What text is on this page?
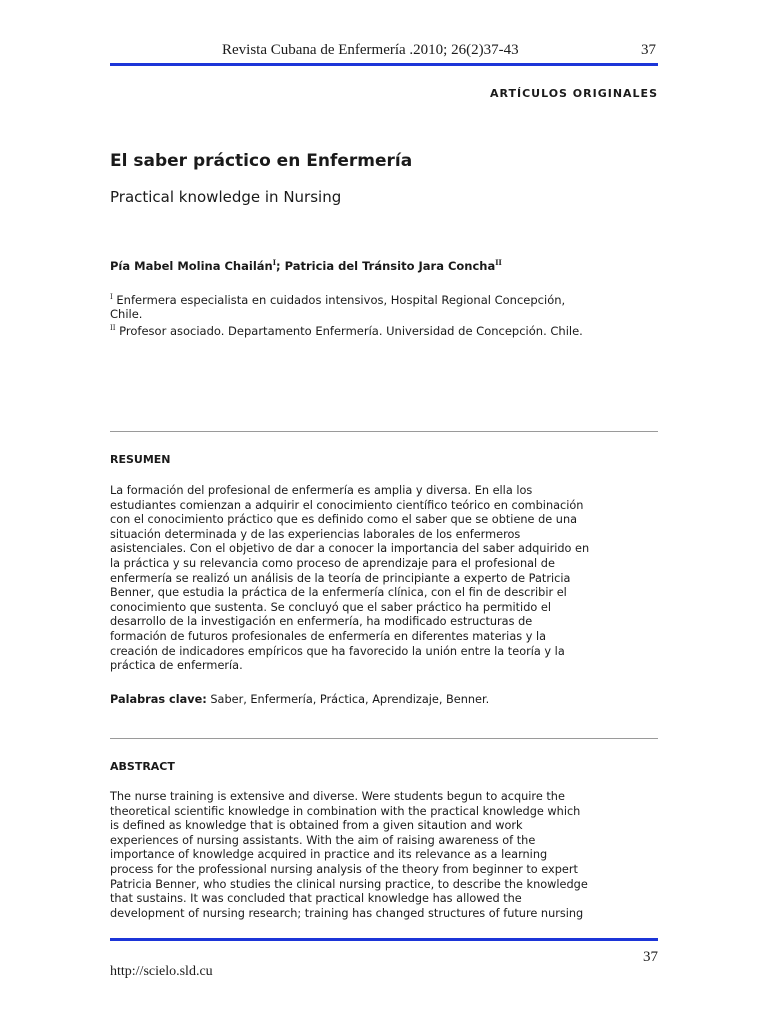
Revista Cubana de Enfermería .2010; 26(2)37-43	37
ARTÍCULOS ORIGINALES
El saber práctico en Enfermería
Practical knowledge in Nursing
Pía Mabel Molina Chailán$^I$; Patricia del Tránsito Jara Concha$^{II}$
$^I$ Enfermera especialista en cuidados intensivos, Hospital Regional Concepción,
Chile.
$^{II}$ Profesor asociado. Departamento Enfermería. Universidad de Concepción. Chile.
RESUMEN
La formación del profesional de enfermería es amplia y diversa. En ella los
estudiantes comienzan a adquirir el conocimiento científico teórico en combinación
con el conocimiento práctico que es definido como el saber que se obtiene de una
situación determinada y de las experiencias laborales de los enfermeros
asistenciales. Con el objetivo de dar a conocer la importancia del saber adquirido en
la práctica y su relevancia como proceso de aprendizaje para el profesional de
enfermería se realizó un análisis de la teoría de principiante a experto de Patricia
Benner, que estudia la práctica de la enfermería clínica, con el fin de describir el
conocimiento que sustenta. Se concluyó que el saber práctico ha permitido el
desarrollo de la investigación en enfermería, ha modificado estructuras de
formación de futuros profesionales de enfermería en diferentes materias y la
creación de indicadores empíricos que ha favorecido la unión entre la teoría y la
práctica de enfermería.
Palabras clave: Saber, Enfermería, Práctica, Aprendizaje, Benner.
ABSTRACT
The nurse training is extensive and diverse. Were students begun to acquire the
theoretical scientific knowledge in combination with the practical knowledge which
is defined as knowledge that is obtained from a given sitaution and work
experiences of nursing assistants. With the aim of raising awareness of the
importance of knowledge acquired in practice and its relevance as a learning
process for the professional nursing analysis of the theory from beginner to expert
Patricia Benner, who studies the clinical nursing practice, to describe the knowledge
that sustains. It was concluded that practical knowledge has allowed the
development of nursing research; training has changed structures of future nursing
37
http://scielo.sld.cu
